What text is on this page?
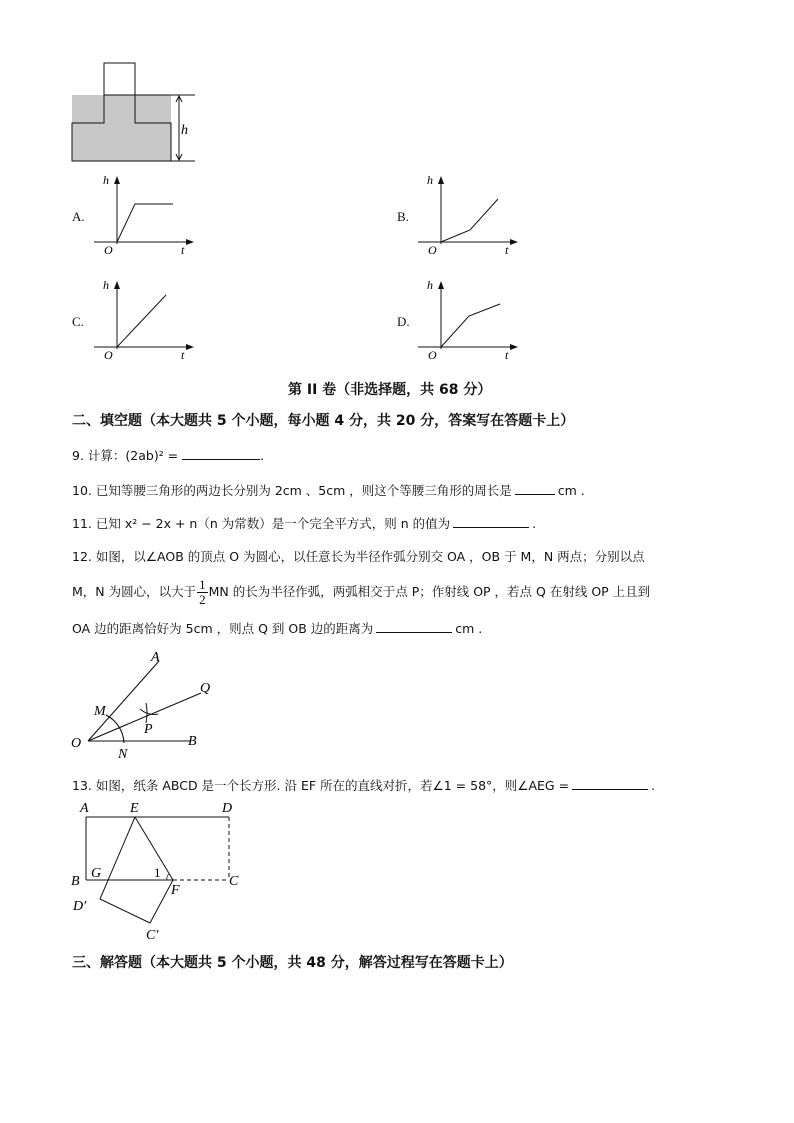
h
A.
h
t
O
B.
h
t
O
C.
h
t
O
D.
h
t
O
第 II 卷（非选择题，共 68 分）
二、填空题（本大题共 5 个小题，每小题 4 分，共 20 分，答案写在答题卡上）
9. 计算：(2ab)² =	.
10. 已知等腰三角形的两边长分别为 2cm 、5cm ，则这个等腰三角形的周长是	cm .
11. 已知 x² − 2x + n（n 为常数）是一个完全平方式，则 n 的值为	.
12. 如图，以∠AOB 的顶点 O 为圆心，以任意长为半径作弧分别交 OA ，OB 于 M，N 两点；分别以点
M，N 为圆心，以大于 $\frac{1}{2}$ MN 的长为半径作弧，两弧相交于点 P；作射线 OP ，若点 Q 在射线 OP 上且到
OA 边的距离恰好为 5cm ，则点 Q 到 OB 边的距离为	cm .
A
Q
M
P
O
N
B
13. 如图，纸条 ABCD 是一个长方形. 沿 EF 所在的直线对折，若∠1 = 58°，则∠AEG =	.
A	E	D
B
G	1
F
C
D′
C′
三、解答题（本大题共 5 个小题，共 48 分，解答过程写在答题卡上）
